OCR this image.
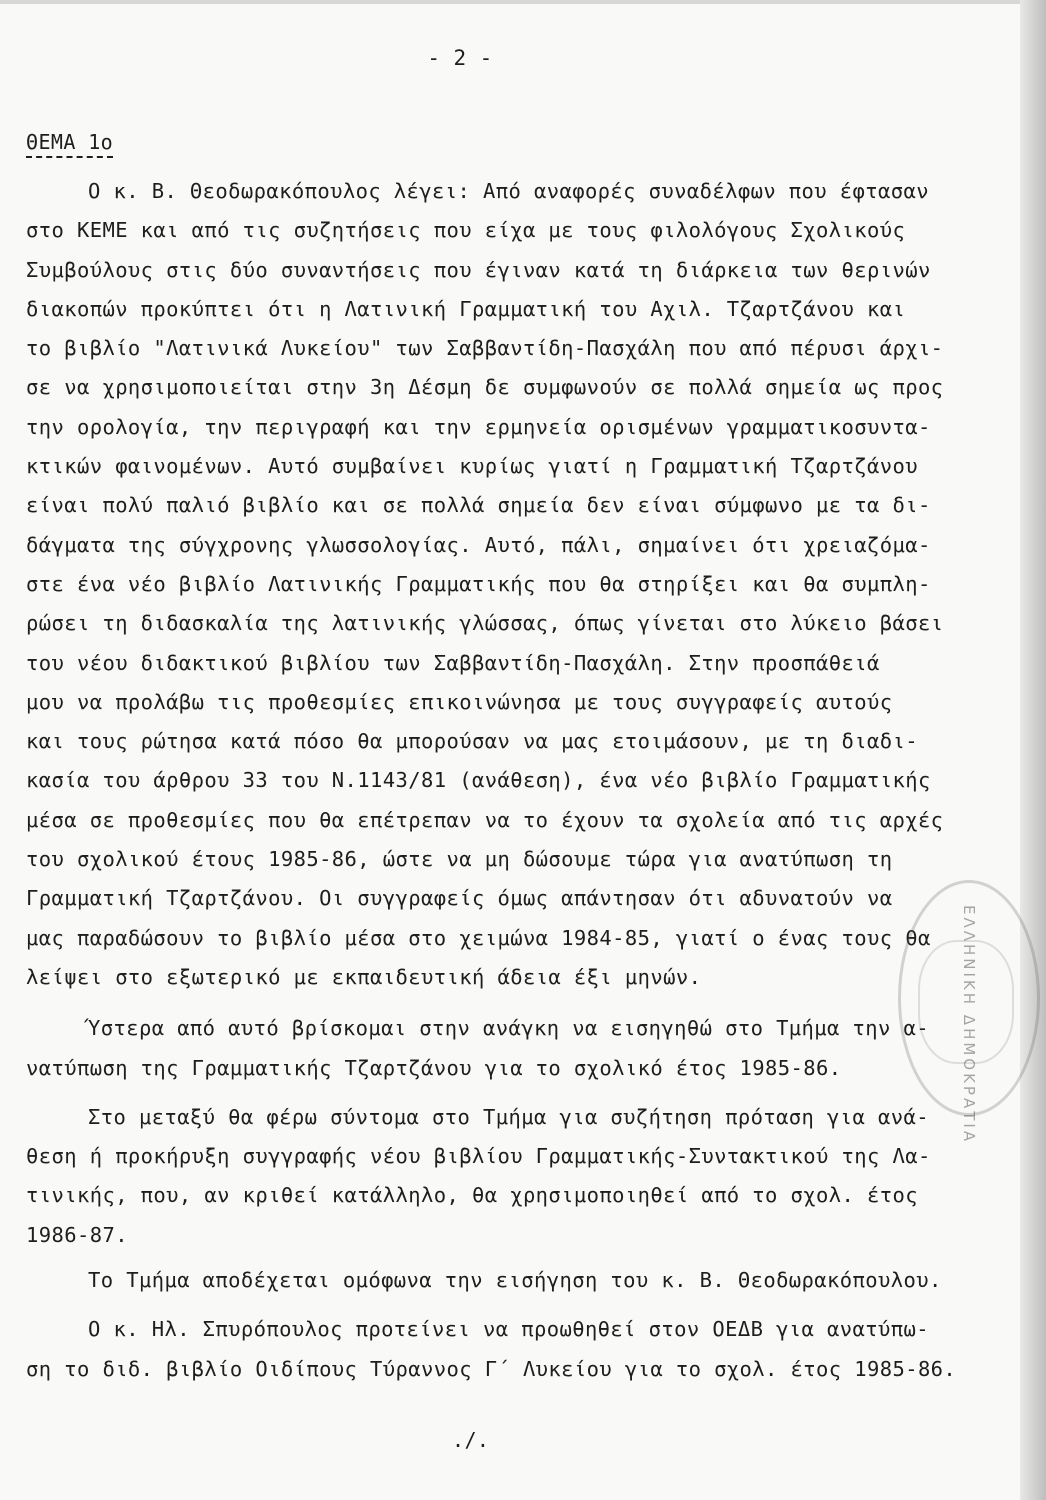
- 2 -
ΘΕΜΑ 1ο

Ο κ. Β. Θεοδωρακόπουλος λέγει: Από αναφορές συναδέλφων που έφτασαν
στο ΚΕΜΕ και από τις συζητήσεις που είχα με τους φιλολόγους Σχολικούς
Συμβούλους στις δύο συναντήσεις που έγιναν κατά τη διάρκεια των θερινών
διακοπών προκύπτει ότι η Λατινική Γραμματική του Αχιλ. Τζαρτζάνου και
το βιβλίο "Λατινικά Λυκείου" των Σαββαντίδη-Πασχάλη που από πέρυσι άρχι-
σε να χρησιμοποιείται στην 3η Δέσμη δε συμφωνούν σε πολλά σημεία ως προς
την ορολογία, την περιγραφή και την ερμηνεία ορισμένων γραμματικοσυντα-
κτικών φαινομένων. Αυτό συμβαίνει κυρίως γιατί η Γραμματική Τζαρτζάνου
είναι πολύ παλιό βιβλίο και σε πολλά σημεία δεν είναι σύμφωνο με τα δι-
δάγματα της σύγχρονης γλωσσολογίας. Αυτό, πάλι, σημαίνει ότι χρειαζόμα-
στε ένα νέο βιβλίο Λατινικής Γραμματικής που θα στηρίξει και θα συμπλη-
ρώσει τη διδασκαλία της λατινικής γλώσσας, όπως γίνεται στο λύκειο βάσει
του νέου διδακτικού βιβλίου των Σαββαντίδη-Πασχάλη. Στην προσπάθειά
μου να προλάβω τις προθεσμίες επικοινώνησα με τους συγγραφείς αυτούς
και τους ρώτησα κατά πόσο θα μπορούσαν να μας ετοιμάσουν, με τη διαδι-
κασία του άρθρου 33 του Ν.1143/81 (ανάθεση), ένα νέο βιβλίο Γραμματικής
μέσα σε προθεσμίες που θα επέτρεπαν να το έχουν τα σχολεία από τις αρχές
του σχολικού έτους 1985-86, ώστε να μη δώσουμε τώρα για ανατύπωση τη
Γραμματική Τζαρτζάνου. Οι συγγραφείς όμως απάντησαν ότι αδυνατούν να
μας παραδώσουν το βιβλίο μέσα στο χειμώνα 1984-85, γιατί ο ένας τους θα
λείψει στο εξωτερικό με εκπαιδευτική άδεια έξι μηνών.

Ύστερα από αυτό βρίσκομαι στην ανάγκη να εισηγηθώ στο Τμήμα την α-
νατύπωση της Γραμματικής Τζαρτζάνου για το σχολικό έτος 1985-86.

Στο μεταξύ θα φέρω σύντομα στο Τμήμα για συζήτηση πρόταση για ανά-
θεση ή προκήρυξη συγγραφής νέου βιβλίου Γραμματικής-Συντακτικού της Λα-
τινικής, που, αν κριθεί κατάλληλο, θα χρησιμοποιηθεί από το σχολ. έτος
1986-87.

Το Τμήμα αποδέχεται ομόφωνα την εισήγηση του κ. Β. Θεοδωρακόπουλου.

Ο κ. Ηλ. Σπυρόπουλος προτείνει να προωθηθεί στον ΟΕΔΒ για ανατύπω-
ση το διδ. βιβλίο Οιδίπους Τύραννος Γ΄ Λυκείου για το σχολ. έτος 1985-86.

ΕΛΛΗΝΙΚΗ ΔΗΜΟΚΡΑΤΙΑ
./.
